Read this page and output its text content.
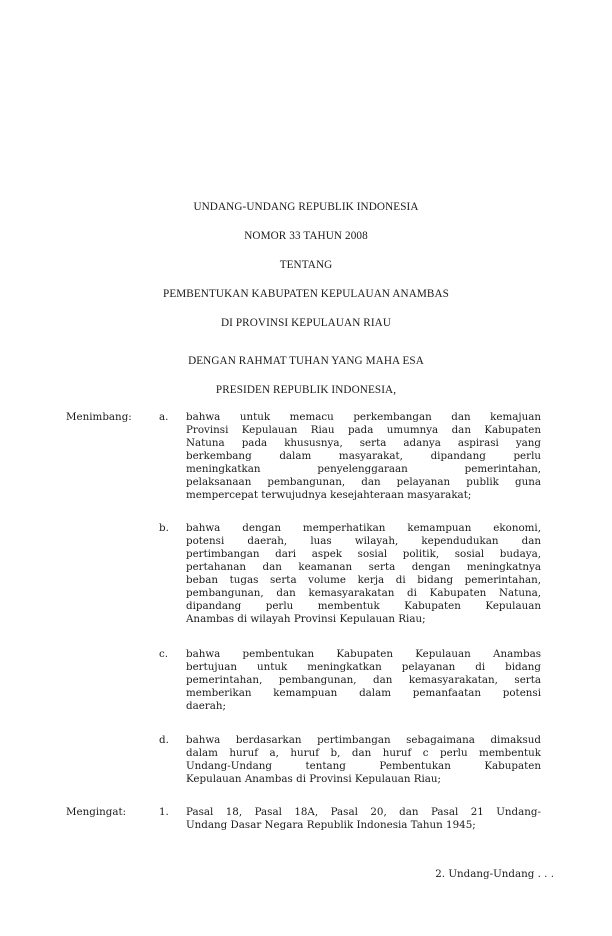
UNDANG-UNDANG REPUBLIK INDONESIA
NOMOR 33 TAHUN 2008
TENTANG
PEMBENTUKAN KABUPATEN KEPULAUAN ANAMBAS
DI PROVINSI KEPULAUAN RIAU
DENGAN RAHMAT TUHAN YANG MAHA ESA
PRESIDEN REPUBLIK INDONESIA,
Menimbang:	a. bahwa untuk memacu perkembangan dan kemajuan
Provinsi Kepulauan Riau pada umumnya dan Kabupaten
Natuna pada khususnya, serta adanya aspirasi yang
berkembang dalam masyarakat, dipandang perlu
meningkatkan penyelenggaraan pemerintahan,
pelaksanaan pembangunan, dan pelayanan publik guna
mempercepat terwujudnya kesejahteraan masyarakat;
b. bahwa dengan memperhatikan kemampuan ekonomi,
potensi daerah, luas wilayah, kependudukan dan
pertimbangan dari aspek sosial politik, sosial budaya,
pertahanan dan keamanan serta dengan meningkatnya
beban tugas serta volume kerja di bidang pemerintahan,
pembangunan, dan kemasyarakatan di Kabupaten Natuna,
dipandang perlu membentuk Kabupaten Kepulauan
Anambas di wilayah Provinsi Kepulauan Riau;
c. bahwa pembentukan Kabupaten Kepulauan Anambas
bertujuan untuk meningkatkan pelayanan di bidang
pemerintahan, pembangunan, dan kemasyarakatan, serta
memberikan kemampuan dalam pemanfaatan potensi
daerah;
d. bahwa berdasarkan pertimbangan sebagaimana dimaksud
dalam huruf a, huruf b, dan huruf c perlu membentuk
Undang-Undang tentang Pembentukan Kabupaten
Kepulauan Anambas di Provinsi Kepulauan Riau;
Mengingat:	1. Pasal 18, Pasal 18A, Pasal 20, dan Pasal 21 Undang-
Undang Dasar Negara Republik Indonesia Tahun 1945;
2. Undang-Undang . . .
